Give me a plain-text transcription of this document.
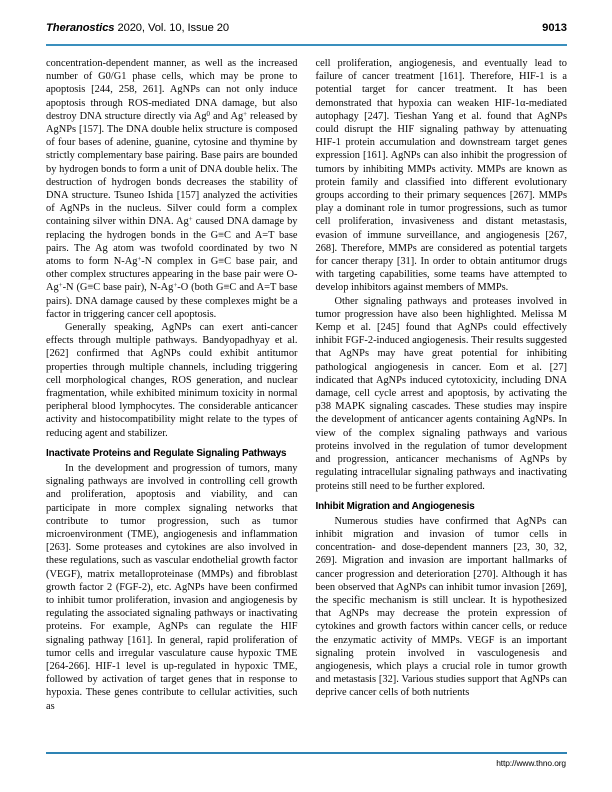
Theranostics 2020, Vol. 10, Issue 20	9013

concentration-dependent manner, as well as the increased number of G0/G1 phase cells, which may be prone to apoptosis [244, 258, 261]. AgNPs can not only induce apoptosis through ROS-mediated DNA damage, but also destroy DNA structure directly via Ag$^0$ and Ag+ released by AgNPs [157]. The DNA double helix structure is composed of four bases of adenine, guanine, cytosine and thymine by strictly complementary base pairing. Base pairs are bounded by hydrogen bonds to form a unit of DNA double helix. The destruction of hydrogen bonds decreases the stability of DNA structure. Tsuneo Ishida [157] analyzed the activities of AgNPs in the nucleus. Silver could form a complex containing silver within DNA. Ag+ caused DNA damage by replacing the hydrogen bonds in the G≡C and A=T base pairs. The Ag atom was twofold coordinated by two N atoms to form N-Ag+-N complex in G≡C base pair, and other complex structures appearing in the base pair were O-Ag+-N (G≡C base pair), N-Ag+-O (both G≡C and A=T base pairs). DNA damage caused by these complexes might be a factor in triggering cancer cell apoptosis.

Generally speaking, AgNPs can exert anti-cancer effects through multiple pathways. Bandyopadhyay et al. [262] confirmed that AgNPs could exhibit antitumor properties through multiple channels, including triggering cell morphological changes, ROS generation, and nuclear fragmentation, while exhibited minimum toxicity in normal peripheral blood lymphocytes. The considerable anticancer activity and histocompatibility might relate to the types of reducing agent and stabilizer.

Inactivate Proteins and Regulate Signaling Pathways

In the development and progression of tumors, many signaling pathways are involved in controlling cell growth and proliferation, apoptosis and viability, and can participate in more complex signaling networks that contribute to tumor progression, such as tumor microenvironment (TME), angiogenesis and inflammation [263]. Some proteases and cytokines are also involved in these regulations, such as vascular endothelial growth factor (VEGF), matrix metalloproteinase (MMPs) and fibroblast growth factor 2 (FGF-2), etc. AgNPs have been confirmed to inhibit tumor proliferation, invasion and angiogenesis by regulating the associated signaling pathways or inactivating proteins. For example, AgNPs can regulate the HIF signaling pathway [161]. In general, rapid proliferation of tumor cells and irregular vasculature cause hypoxic TME [264-266]. HIF-1 level is up-regulated in hypoxic TME, followed by activation of target genes that in response to hypoxia. These genes contribute to cellular activities, such as

cell proliferation, angiogenesis, and eventually lead to failure of cancer treatment [161]. Therefore, HIF-1 is a potential target for cancer treatment. It has been demonstrated that hypoxia can weaken HIF-1α-mediated autophagy [247]. Tieshan Yang et al. found that AgNPs could disrupt the HIF signaling pathway by attenuating HIF-1 protein accumulation and downstream target genes expression [161]. AgNPs can also inhibit the progression of tumors by inhibiting MMPs activity. MMPs are known as protein family and classified into different evolutionary groups according to their primary sequences [267]. MMPs play a dominant role in tumor progressions, such as tumor cell proliferation, invasiveness and distant metastasis, evasion of immune surveillance, and angiogenesis [267, 268]. Therefore, MMPs are considered as potential targets for cancer therapy [31]. In order to obtain antitumor drugs with targeting capabilities, some teams have attempted to develop inhibitors against members of MMPs.

Other signaling pathways and proteases involved in tumor progression have also been highlighted. Melissa M Kemp et al. [245] found that AgNPs could effectively inhibit FGF-2-induced angiogenesis. Their results suggested that AgNPs may have great potential for inhibiting pathological angiogenesis in cancer. Eom et al. [27] indicated that AgNPs induced cytotoxicity, including DNA damage, cell cycle arrest and apoptosis, by activating the p38 MAPK signaling cascades. These studies may inspire the development of anticancer agents containing AgNPs. In view of the complex signaling pathways and various proteins involved in the regulation of tumor development and progression, anticancer mechanisms of AgNPs by regulating intracellular signaling pathways and inactivating proteins still need to be further explored.

Inhibit Migration and Angiogenesis

Numerous studies have confirmed that AgNPs can inhibit migration and invasion of tumor cells in concentration- and dose-dependent manners [23, 30, 32, 269]. Migration and invasion are important hallmarks of cancer progression and deterioration [270]. Although it has been observed that AgNPs can inhibit tumor invasion [269], the specific mechanism is still unclear. It is hypothesized that AgNPs may decrease the protein expression of cytokines and growth factors within cancer cells, or reduce the enzymatic activity of MMPs. VEGF is an important signaling protein involved in vasculogenesis and angiogenesis, which plays a crucial role in tumor growth and metastasis [32]. Various studies support that AgNPs can deprive cancer cells of both nutrients

http://www.thno.org
